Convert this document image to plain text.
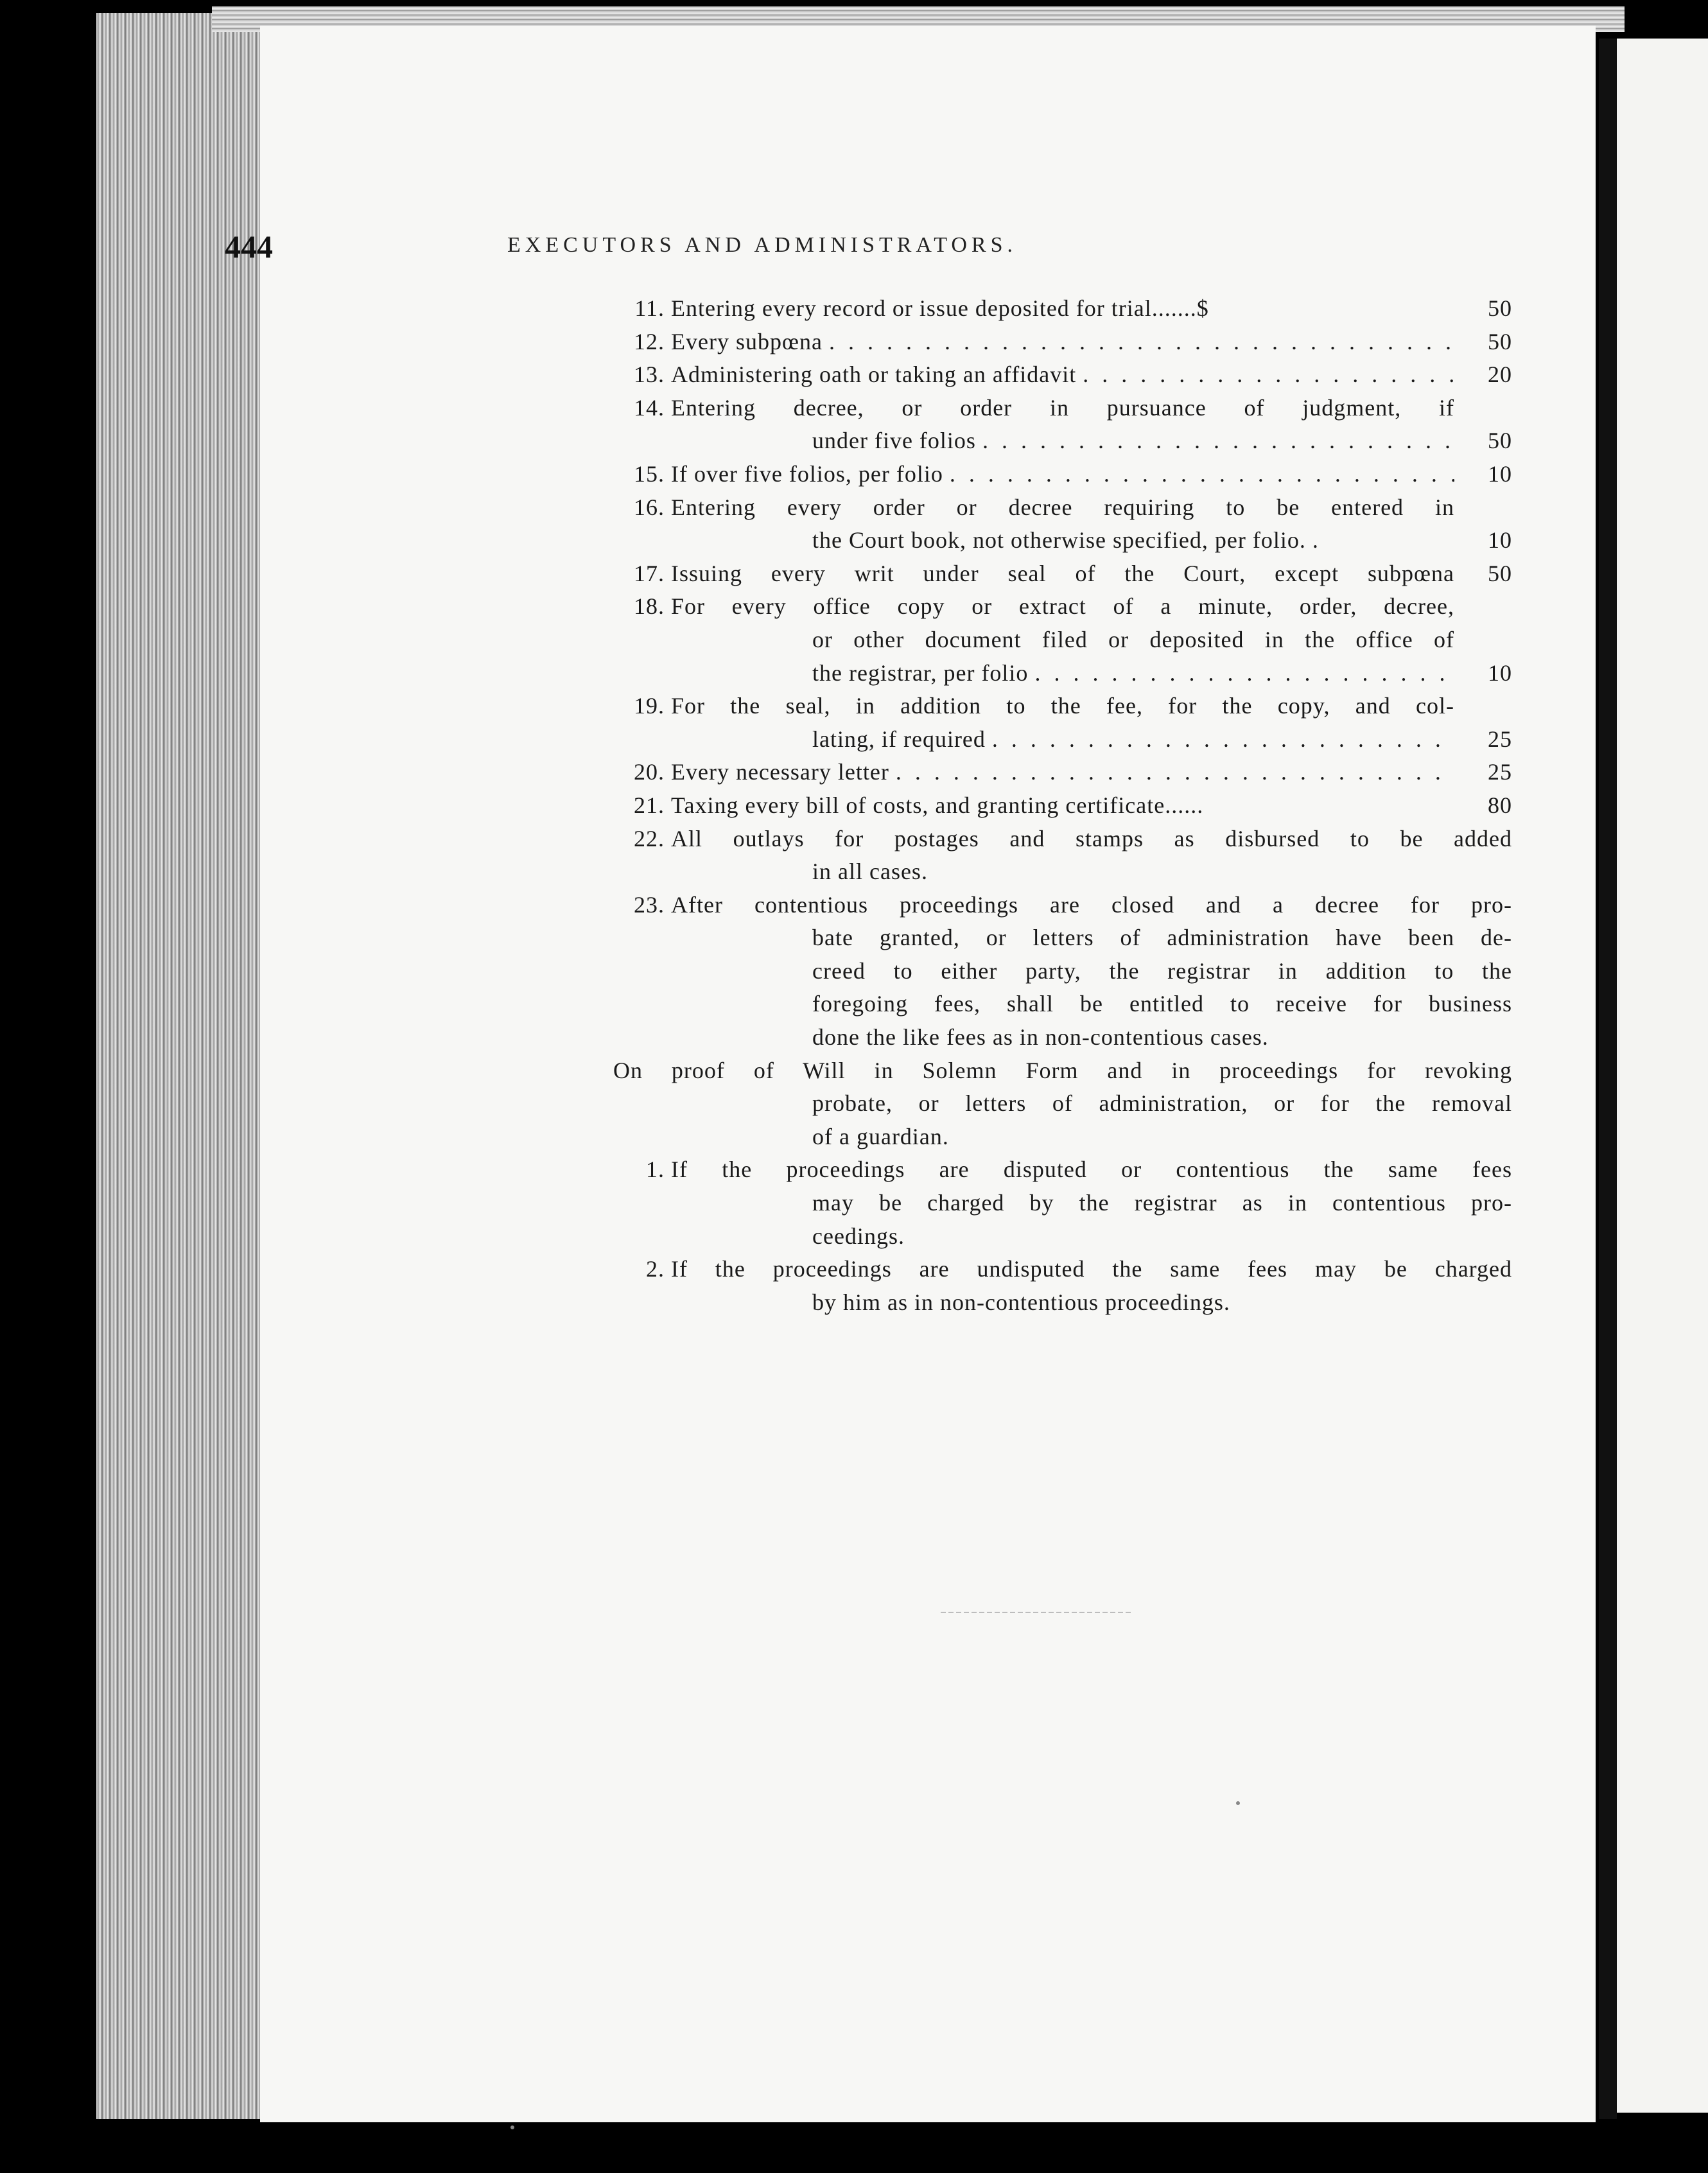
444	EXECUTORS AND ADMINISTRATORS.
11. Entering every record or issue deposited for trial.......$	50
12. Every subpœna . . .	50
13. Administering oath or taking an affidavit . . .	20
14. Entering decree, or order in pursuance of judgment, if
under five folios . . .	50
15. If over five folios, per folio . . .	10
16. Entering every order or decree requiring to be entered in
the Court book, not otherwise specified, per folio. .	10
17. Issuing every writ under seal of the Court, except subpœna	50
18. For every office copy or extract of a minute, order, decree,
or other document filed or deposited in the office of
the registrar, per folio . . .	10
19. For the seal, in addition to the fee, for the copy, and col-
lating, if required . . .	25
20. Every necessary letter . . .	25
21. Taxing every bill of costs, and granting certificate......	80
22. All outlays for postages and stamps as disbursed to be added
in all cases.
23. After contentious proceedings are closed and a decree for pro-
bate granted, or letters of administration have been de-
creed to either party, the registrar in addition to the
foregoing fees, shall be entitled to receive for business
done the like fees as in non-contentious cases.
On proof of Will in Solemn Form and in proceedings for revoking
probate, or letters of administration, or for the removal
of a guardian.
1. If the proceedings are disputed or contentious the same fees
may be charged by the registrar as in contentious pro-
ceedings.
2. If the proceedings are undisputed the same fees may be charged
by him as in non-contentious proceedings.
